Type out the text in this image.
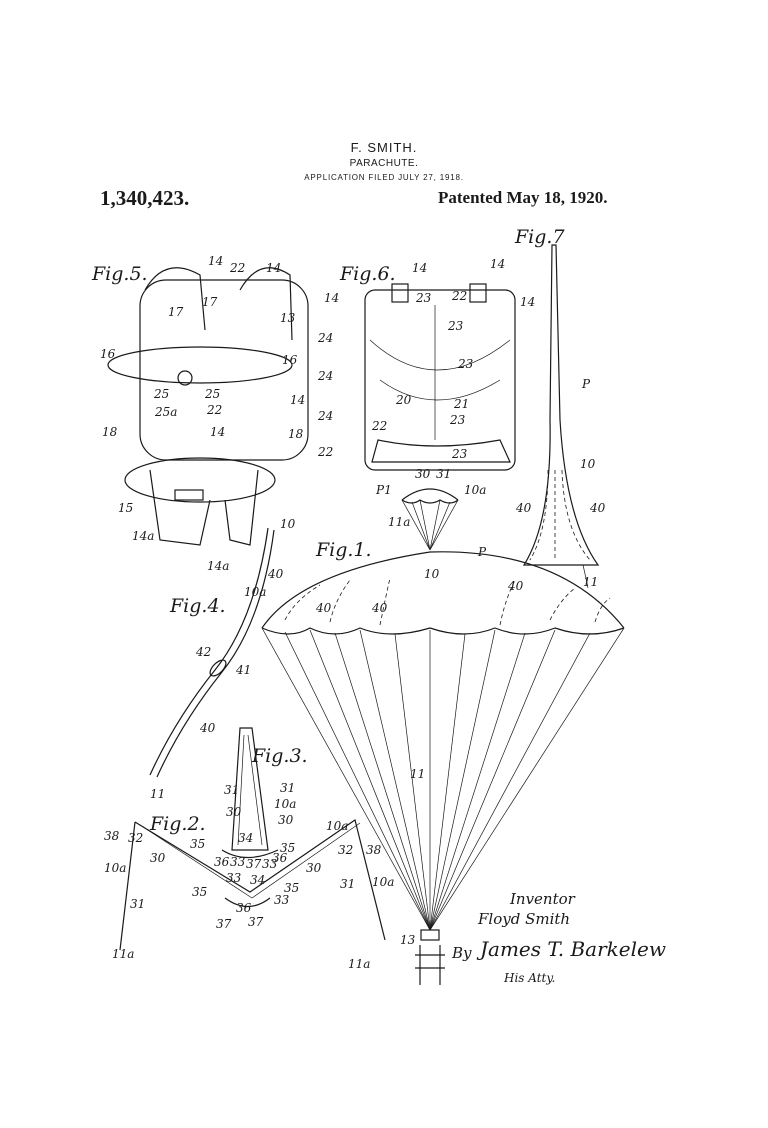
F. SMITH.
PARACHUTE.
APPLICATION FILED JULY 27, 1918.
1,340,423.	Patented May 18, 1920.
Fig.5.	Fig.6.
Fig.7
Fig.1.
Fig.4.
Fig.3.
Fig.2.
14 22 14
17
17
13
24
16	16
24
25	25	14
25a 22	24
18	14	18
22
15
14a
14a
14	14
14	14
23 22
23
23
20	21
23
22
23
30 31
P1	10a
11a
P
10
40	40
40
11
13
P
10
40	40
11
10
40
10a
42
41
40
11	31	31
10a
30
30
34
35	35
36 33 37 33
36
38 32
30
10a
33 34
35	35
36
33
37 37
31
11a
10a
32 38
30
31 10a
11a
Inventor
Floyd Smith
By James T. Barkelew
His Atty.
